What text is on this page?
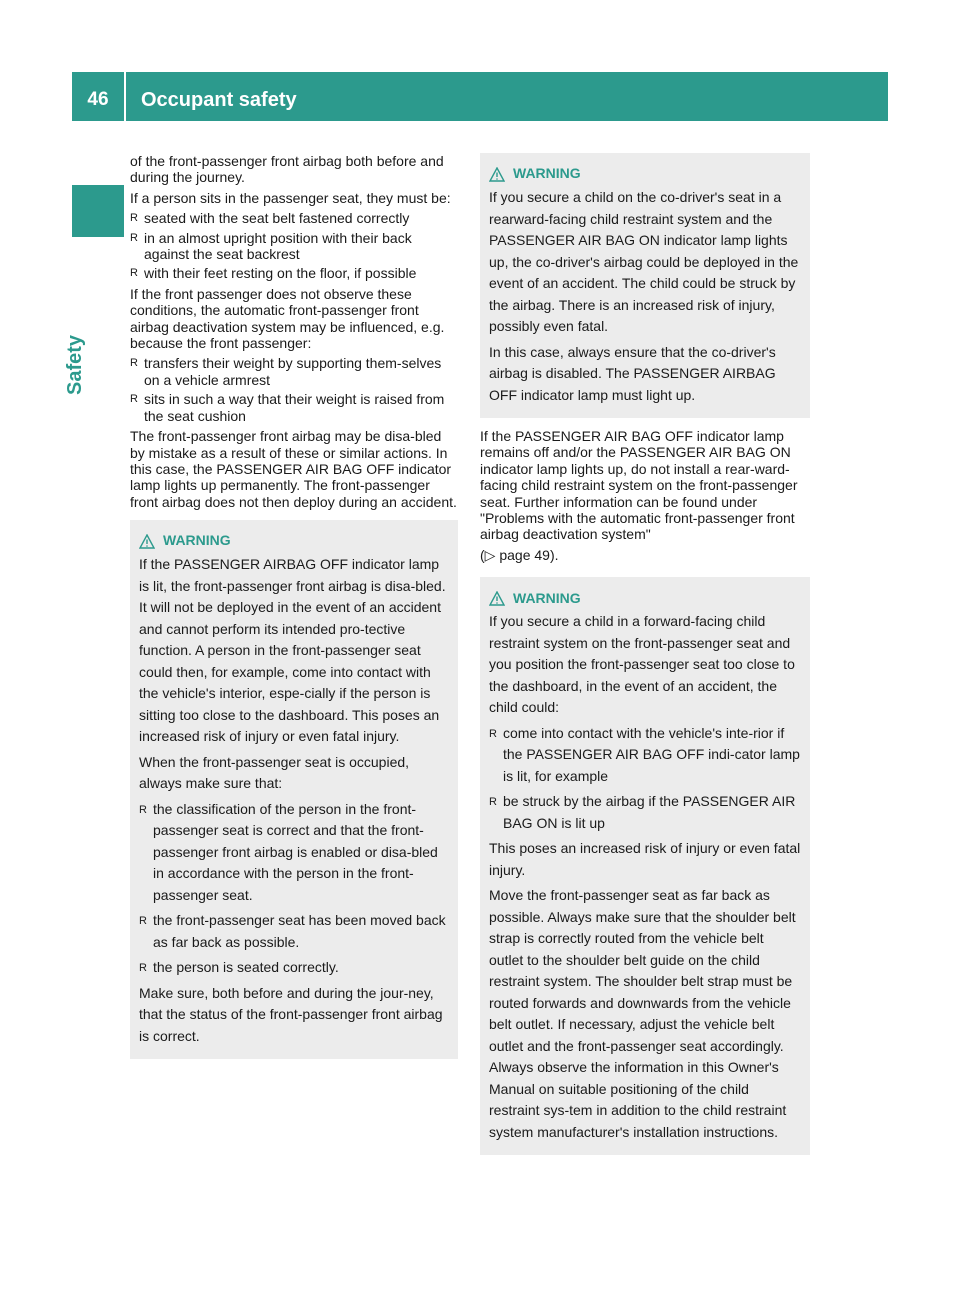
46	Occupant safety
Safety

of the front-passenger front airbag both before and during the journey.

If a person sits in the passenger seat, they must be:

R seated with the seat belt fastened correctly
R in an almost upright position with their back against the seat backrest
R with their feet resting on the floor, if possible

If the front passenger does not observe these conditions, the automatic front-passenger front airbag deactivation system may be influenced, e.g. because the front passenger:

R transfers their weight by supporting them-selves on a vehicle armrest
R sits in such a way that their weight is raised from the seat cushion

The front-passenger front airbag may be disa-bled by mistake as a result of these or similar actions. In this case, the PASSENGER AIR BAG OFF indicator lamp lights up permanently. The front-passenger front airbag does not then deploy during an accident.

WARNING

If the PASSENGER AIRBAG OFF indicator lamp is lit, the front-passenger front airbag is disa-bled. It will not be deployed in the event of an accident and cannot perform its intended pro-tective function. A person in the front-passenger seat could then, for example, come into contact with the vehicle's interior, espe-cially if the person is sitting too close to the dashboard. This poses an increased risk of injury or even fatal injury.

When the front-passenger seat is occupied, always make sure that:

R the classification of the person in the front-passenger seat is correct and that the front-passenger front airbag is enabled or disa-bled in accordance with the person in the front-passenger seat.
R the front-passenger seat has been moved back as far back as possible.
R the person is seated correctly.

Make sure, both before and during the jour-ney, that the status of the front-passenger front airbag is correct.

WARNING

If you secure a child on the co-driver's seat in a rearward-facing child restraint system and the PASSENGER AIR BAG ON indicator lamp lights up, the co-driver's airbag could be deployed in the event of an accident. The child could be struck by the airbag. There is an increased risk of injury, possibly even fatal.

In this case, always ensure that the co-driver's airbag is disabled. The PASSENGER AIRBAG OFF indicator lamp must light up.

If the PASSENGER AIR BAG OFF indicator lamp remains off and/or the PASSENGER AIR BAG ON indicator lamp lights up, do not install a rear-ward-facing child restraint system on the front-passenger seat. Further information can be found under "Problems with the automatic front-passenger front airbag deactivation system"

(▷ page 49).

WARNING

If you secure a child in a forward-facing child restraint system on the front-passenger seat and you position the front-passenger seat too close to the dashboard, in the event of an accident, the child could:

R come into contact with the vehicle's inte-rior if the PASSENGER AIR BAG OFF indi-cator lamp is lit, for example
R be struck by the airbag if the PASSENGER AIR BAG ON is lit up

This poses an increased risk of injury or even fatal injury.

Move the front-passenger seat as far back as possible. Always make sure that the shoulder belt strap is correctly routed from the vehicle belt outlet to the shoulder belt guide on the child restraint system. The shoulder belt strap must be routed forwards and downwards from the vehicle belt outlet. If necessary, adjust the vehicle belt outlet and the front-passenger seat accordingly. Always observe the information in this Owner's Manual on suitable positioning of the child restraint sys-tem in addition to the child restraint system manufacturer's installation instructions.
